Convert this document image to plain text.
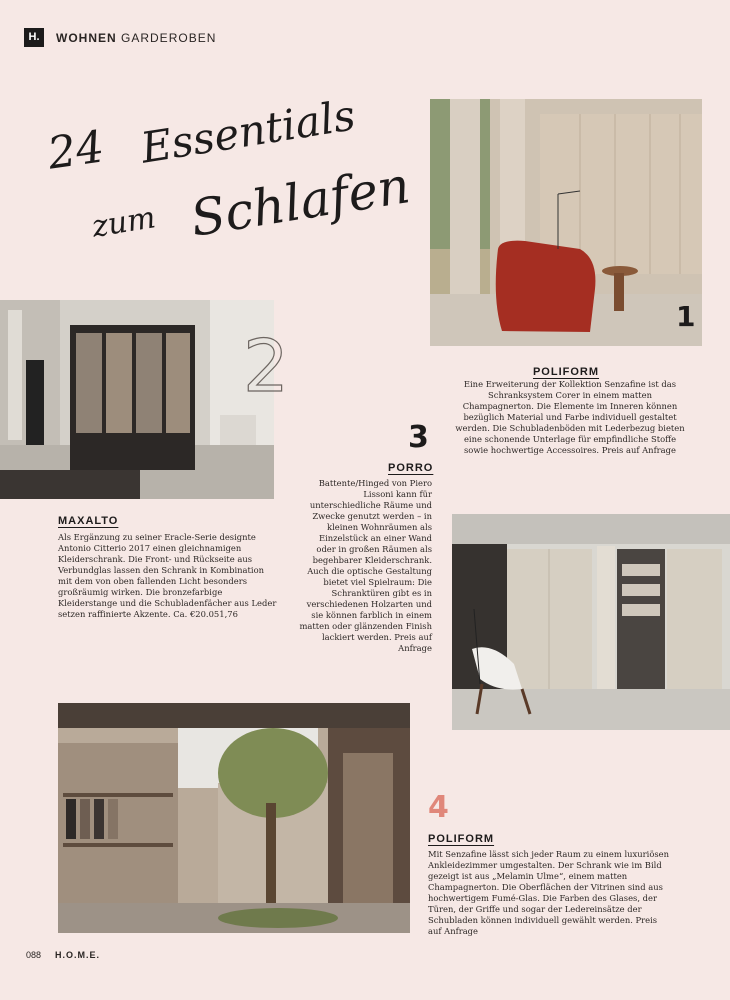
H.	WOHNEN GARDEROBEN
24 Essentials
zum Schlafen
1
POLIFORM
Eine Erweiterung der Kollektion Senzafine ist das Schranksystem Corer in einem matten Champagnerton. Die Elemente im Inneren können bezüglich Material und Farbe individuell gestaltet werden. Die Schubladenböden mit Lederbezug bieten eine schonende Unterlage für empfindliche Stoffe sowie hochwertige Accessoires. Preis auf Anfrage
2
MAXALTO
Als Ergänzung zu seiner Eracle-Serie designte Antonio Citterio 2017 einen gleichnamigen Kleiderschrank. Die Front- und Rückseite aus Verbundglas lassen den Schrank in Kombination mit dem von oben fallenden Licht besonders großräumig wirken. Die bronzefarbige Kleiderstange und die Schubladenfächer aus Leder setzen raffinierte Akzente. Ca. €20.051,76
3
PORRO
Battente/Hinged von Piero Lissoni kann für unterschiedliche Räume und Zwecke genutzt werden – in kleinen Wohnräumen als Einzelstück an einer Wand oder in großen Räumen als begehbarer Kleiderschrank. Auch die optische Gestaltung bietet viel Spielraum: Die Schranktüren gibt es in verschiedenen Holzarten und sie können farblich in einem matten oder glänzenden Finish lackiert werden. Preis auf Anfrage
4
POLIFORM
Mit Senzafine lässt sich jeder Raum zu einem luxuriösen Ankleidezimmer umgestalten. Der Schrank wie im Bild gezeigt ist aus „Melamin Ulme“, einem matten Champagnerton. Die Oberflächen der Vitrinen sind aus hochwertigem Fumé-Glas. Die Farben des Glases, der Türen, der Griffe und sogar der Ledereinsätze der Schubladen können individuell gewählt werden. Preis auf Anfrage
088 H.O.M.E.
